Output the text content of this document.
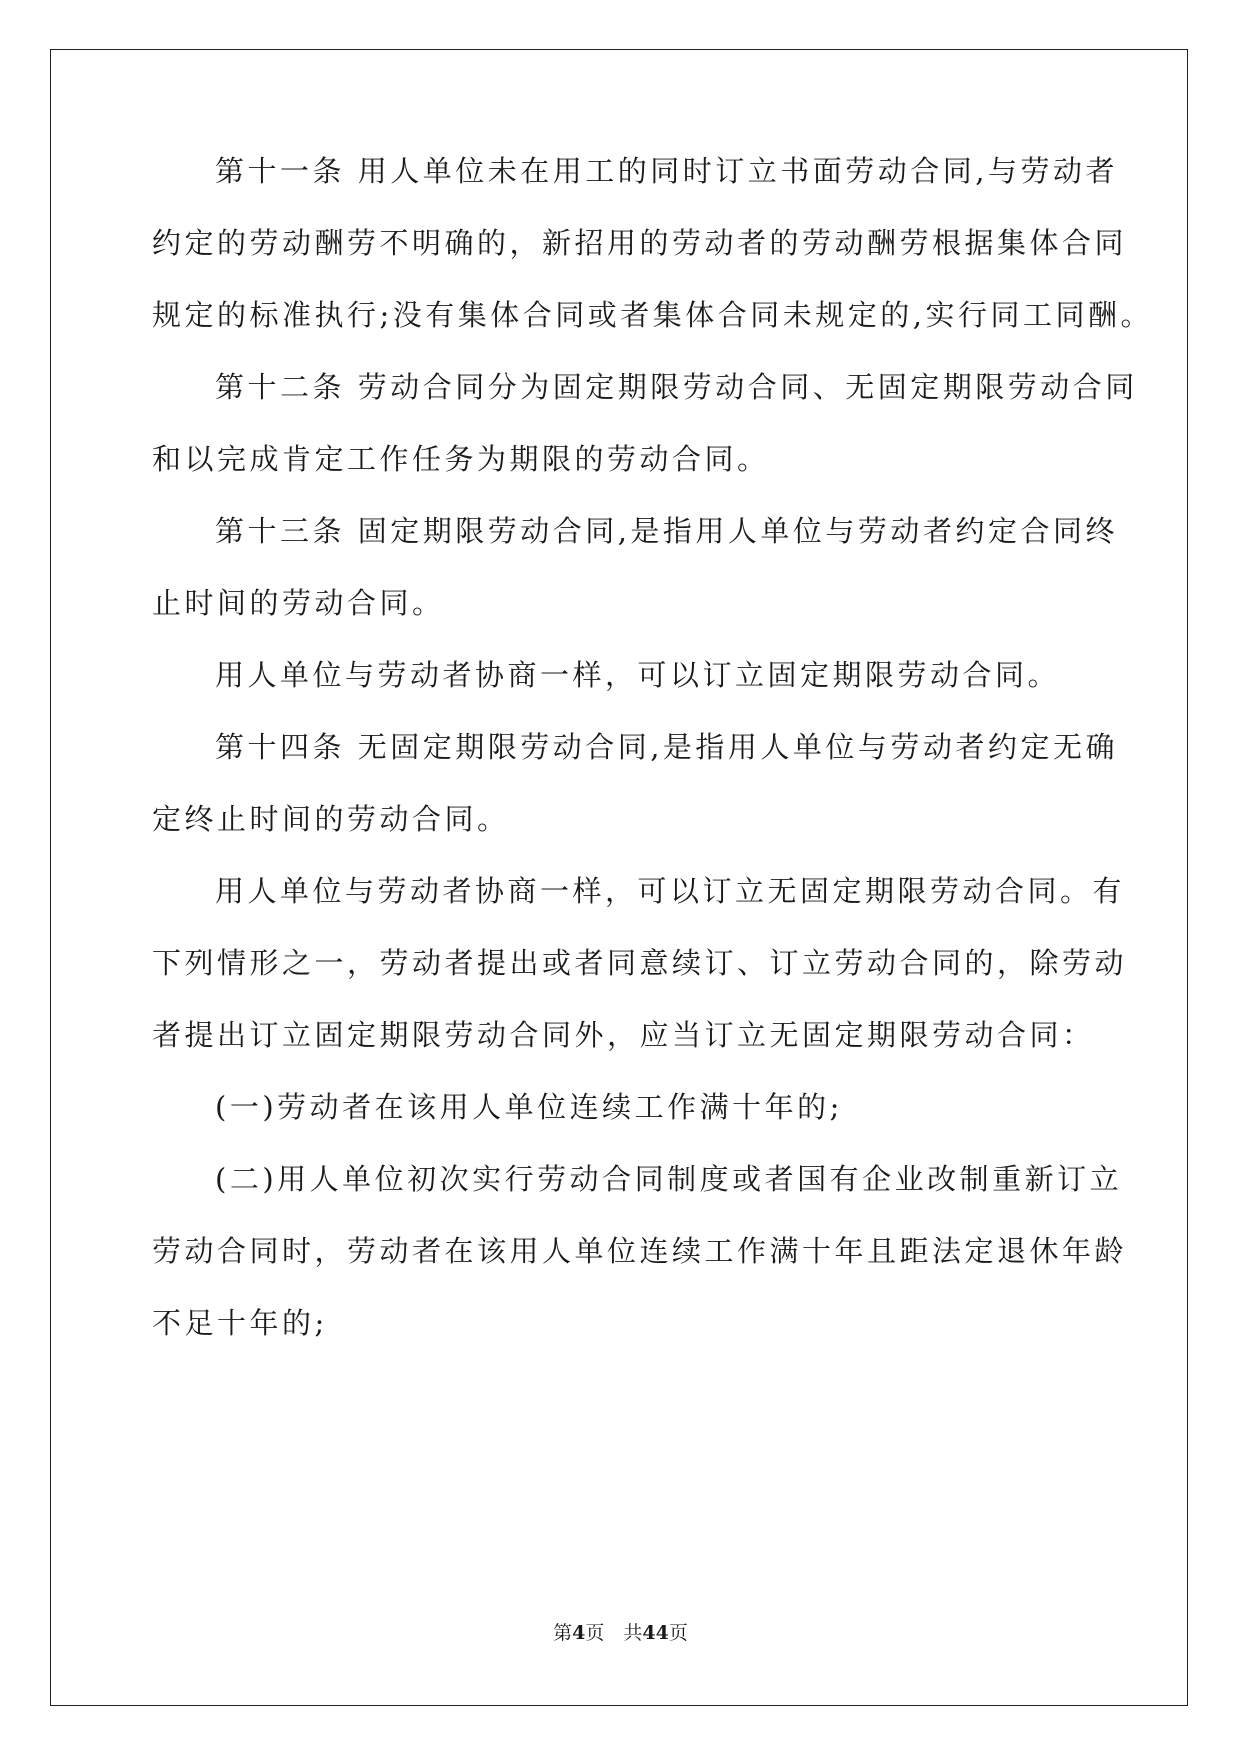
第十一条 用人单位未在用工的同时订立书面劳动合同,与劳动者
约定的劳动酬劳不明确的，新招用的劳动者的劳动酬劳根据集体合同
规定的标准执行;没有集体合同或者集体合同未规定的,实行同工同酬。
第十二条 劳动合同分为固定期限劳动合同、无固定期限劳动合同
和以完成肯定工作任务为期限的劳动合同。
第十三条 固定期限劳动合同,是指用人单位与劳动者约定合同终
止时间的劳动合同。
用人单位与劳动者协商一样，可以订立固定期限劳动合同。
第十四条 无固定期限劳动合同,是指用人单位与劳动者约定无确
定终止时间的劳动合同。
用人单位与劳动者协商一样，可以订立无固定期限劳动合同。有
下列情形之一，劳动者提出或者同意续订、订立劳动合同的，除劳动
者提出订立固定期限劳动合同外，应当订立无固定期限劳动合同：
(一)劳动者在该用人单位连续工作满十年的;
(二)用人单位初次实行劳动合同制度或者国有企业改制重新订立
劳动合同时，劳动者在该用人单位连续工作满十年且距法定退休年龄
不足十年的;
第4页　共44页
